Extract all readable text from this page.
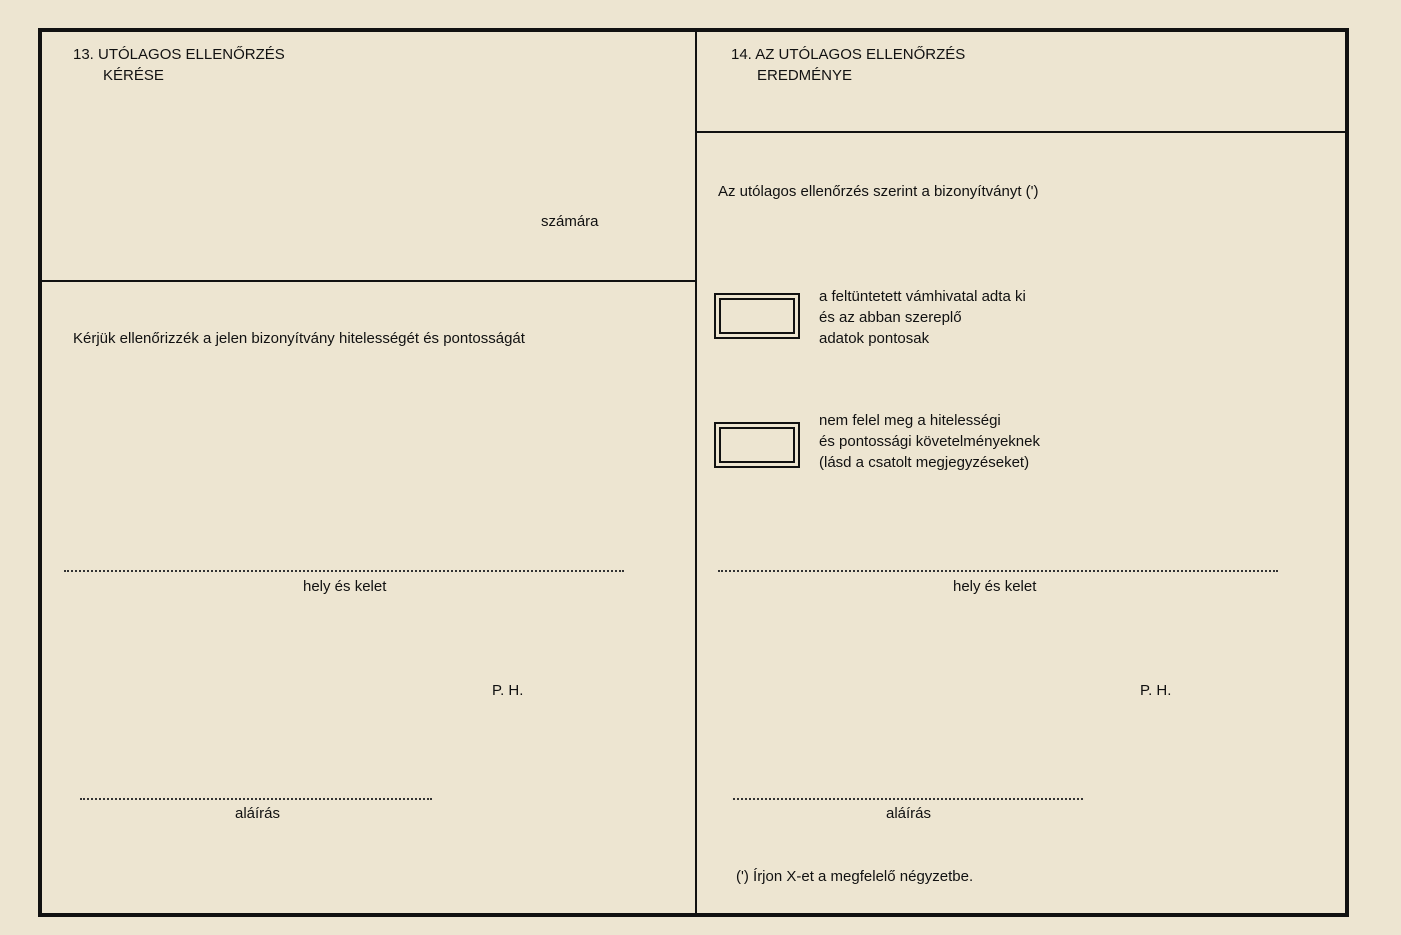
13. UTÓLAGOS ELLENŐRZÉS
KÉRÉSE
számára
Kérjük ellenőrizzék a jelen bizonyítvány hitelességét és pontosságát
hely és kelet
P. H.
aláírás
14. AZ UTÓLAGOS ELLENŐRZÉS
EREDMÉNYE
Az utólagos ellenőrzés szerint a bizonyítványt (')
a feltüntetett vámhivatal adta ki
és az abban szereplő
adatok pontosak
nem felel meg a hitelességi
és pontossági követelményeknek
(lásd a csatolt megjegyzéseket)
hely és kelet
P. H.
aláírás
(') Írjon X-et a megfelelő négyzetbe.
